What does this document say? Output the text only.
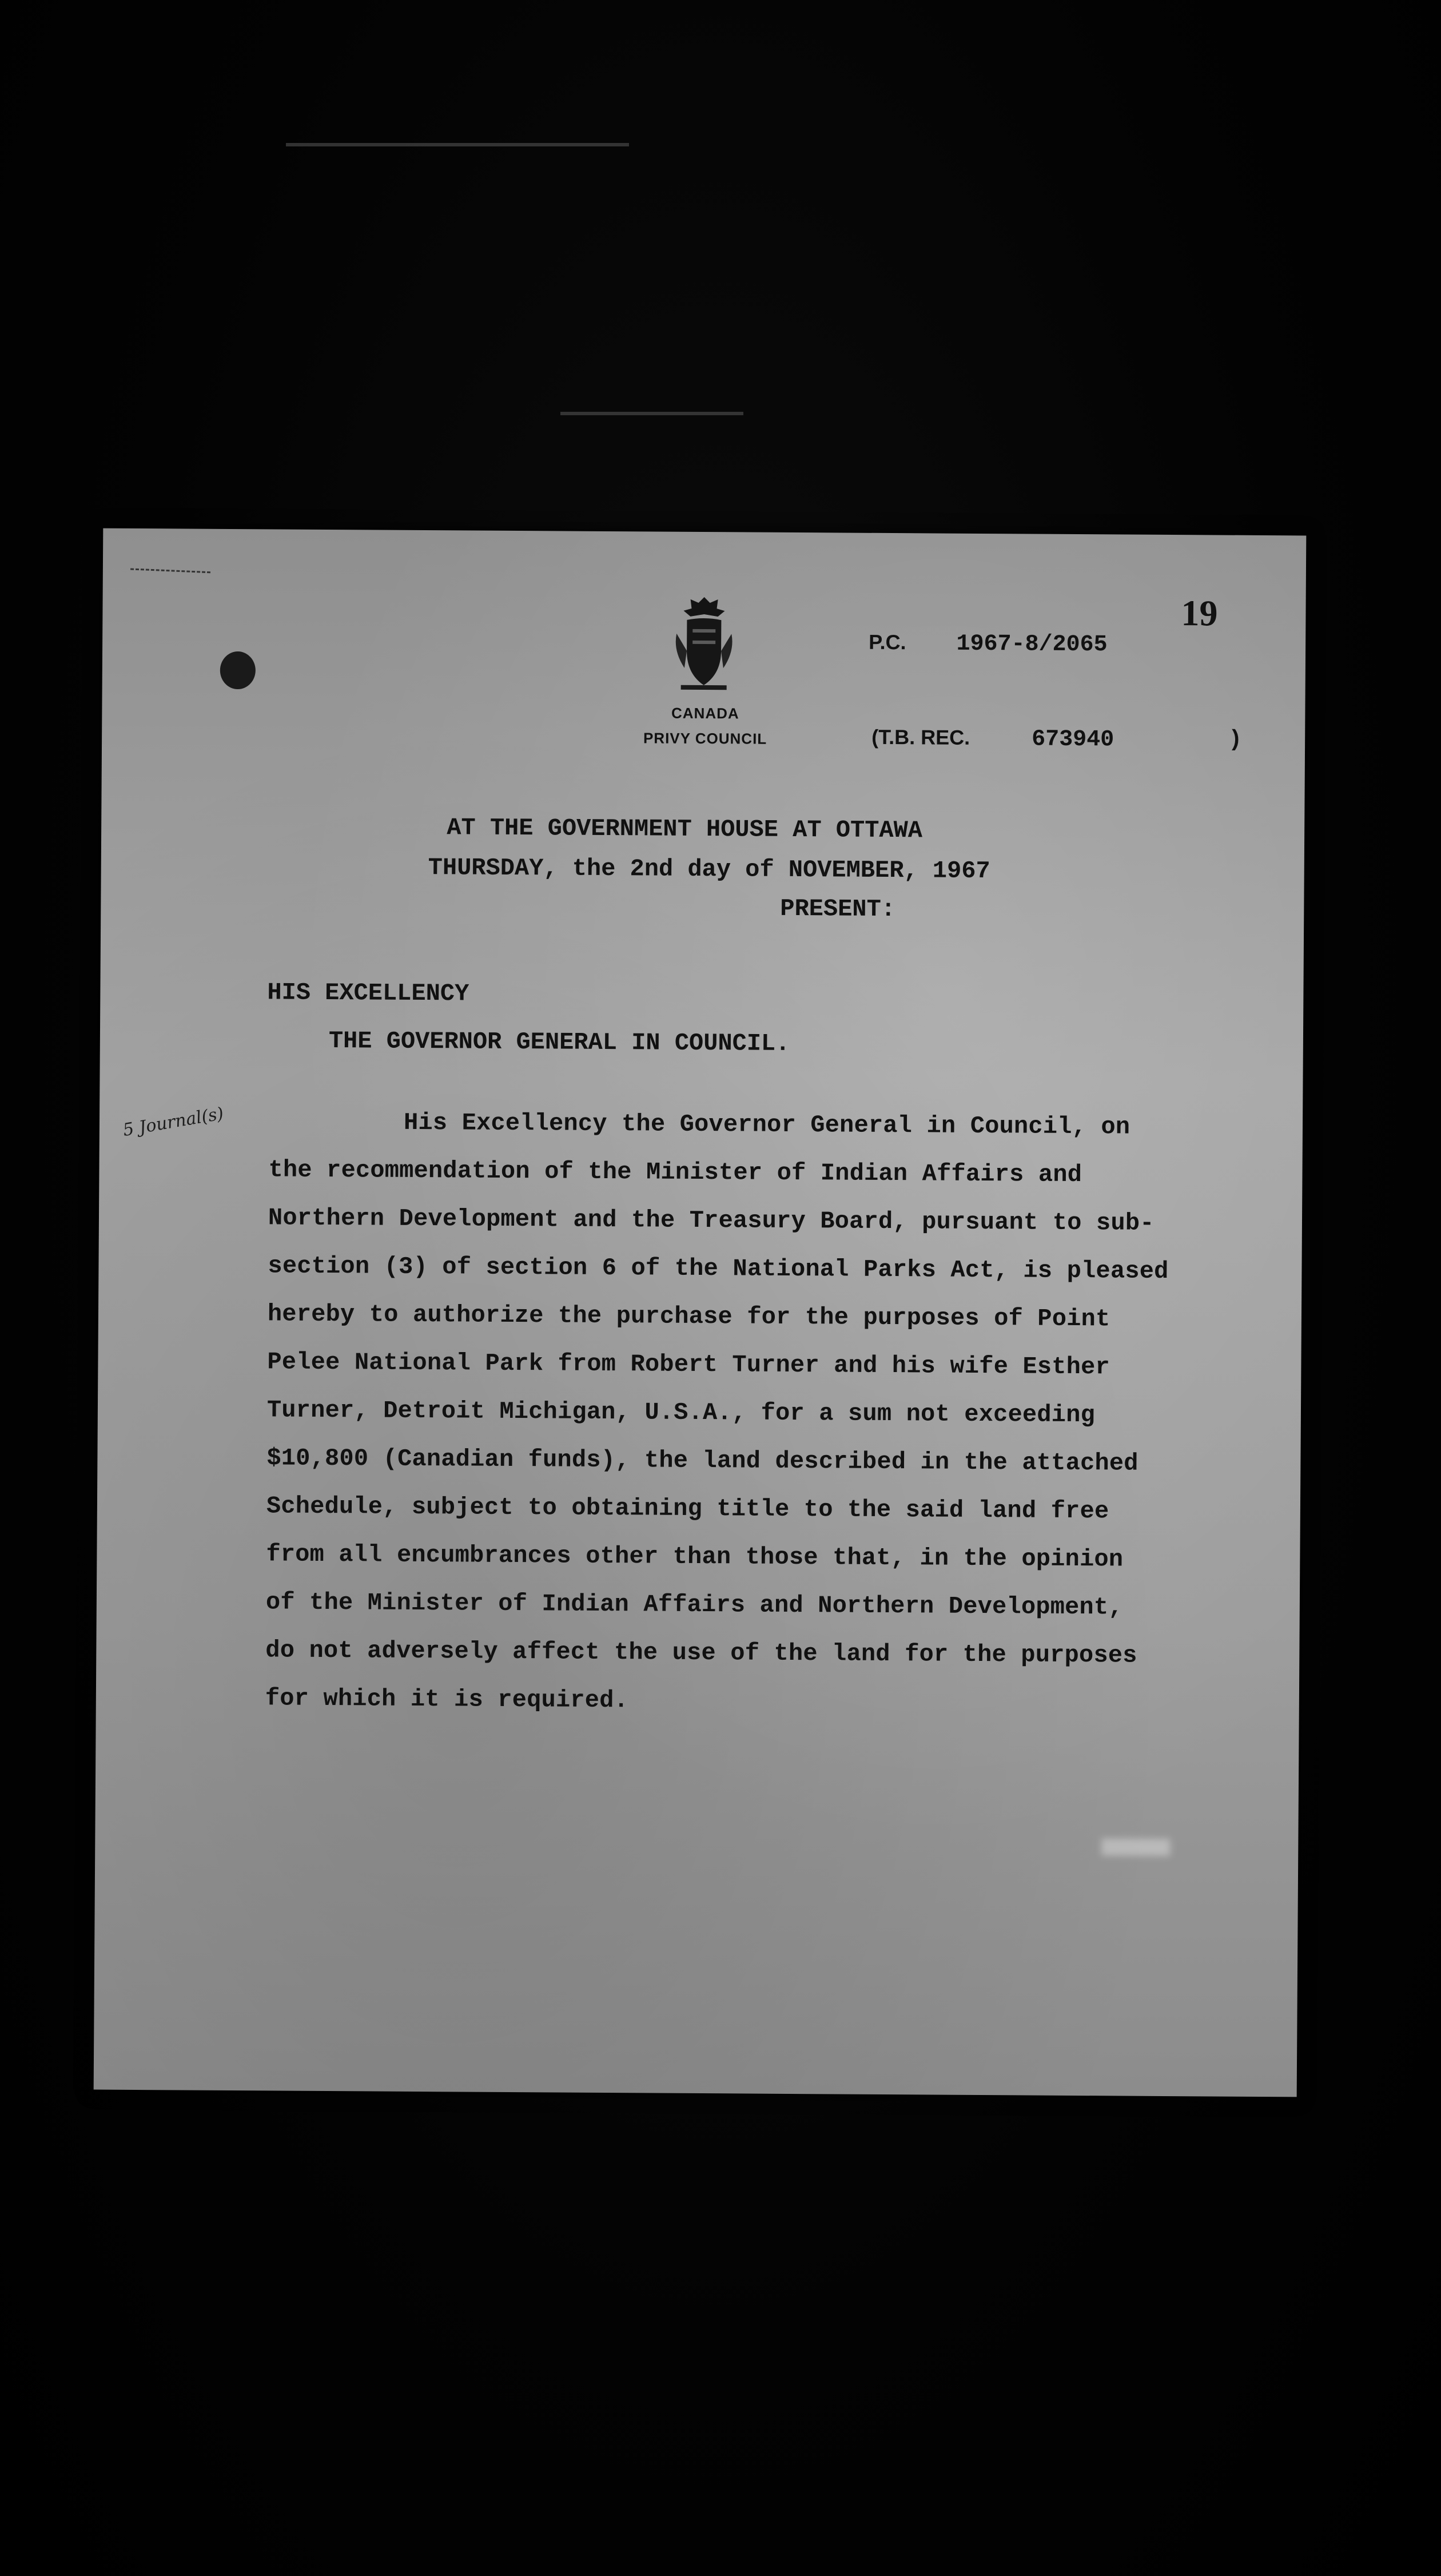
19
CANADA
PRIVY COUNCIL
P.C. 1967-8/2065
(T.B. REC.	673940	)
AT THE GOVERNMENT HOUSE AT OTTAWA
THURSDAY, the 2nd day of NOVEMBER, 1967
PRESENT:
HIS EXCELLENCY
THE GOVERNOR GENERAL IN COUNCIL.
5 Journal(s)	His Excellency the Governor General in Council, on
the recommendation of the Minister of Indian Affairs and
Northern Development and the Treasury Board, pursuant to sub-
section (3) of section 6 of the National Parks Act, is pleased
hereby to authorize the purchase for the purposes of Point
Pelee National Park from Robert Turner and his wife Esther
Turner, Detroit Michigan, U.S.A., for a sum not exceeding
$10,800 (Canadian funds), the land described in the attached
Schedule, subject to obtaining title to the said land free
from all encumbrances other than those that, in the opinion
of the Minister of Indian Affairs and Northern Development,
do not adversely affect the use of the land for the purposes
for which it is required.
